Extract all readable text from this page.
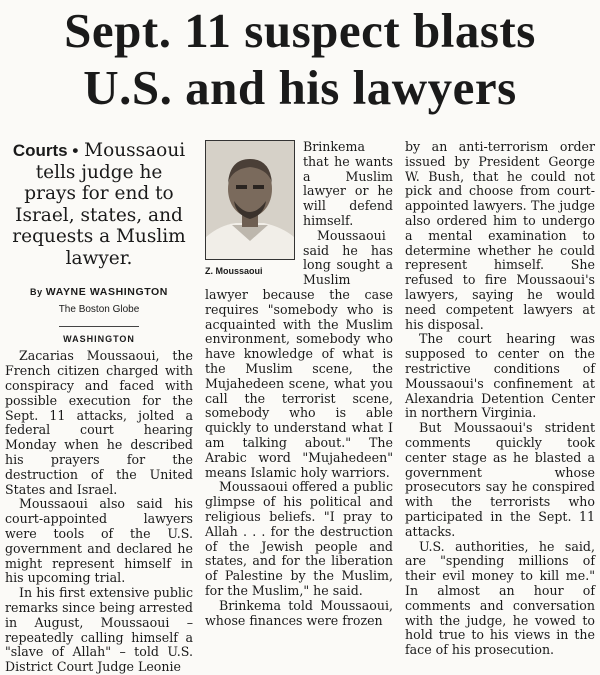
Sept. 11 suspect blasts
U.S. and his lawyers
Courts • Moussaoui tells judge he prays for end to Israel, states, and requests a Muslim lawyer.
By WAYNE WASHINGTON
The Boston Globe
WASHINGTON

Zacarias Moussaoui, the French citizen charged with conspiracy and faced with possible execution for the Sept. 11 attacks, jolted a federal court hearing Monday when he described his prayers for the destruction of the United States and Israel.

Moussaoui also said his court-appointed lawyers were tools of the U.S. government and declared he might represent himself in his upcoming trial.

In his first extensive public remarks since being arrested in August, Moussaoui – repeatedly calling himself a "slave of Allah" – told U.S. District Court Judge Leonie

Z. Moussaoui

Brinkema that he wants a Muslim lawyer or he will defend himself.

Moussaoui said he has long sought a Muslim lawyer because the case requires "somebody who is acquainted with the Muslim environment, somebody who have knowledge of what is the Muslim scene, the Mujahedeen scene, what you call the terrorist scene, somebody who is able quickly to understand what I am talking about." The Arabic word "Mujahedeen" means Islamic holy warriors.

Moussaoui offered a public glimpse of his political and religious beliefs. "I pray to Allah . . . for the destruction of the Jewish people and states, and for the liberation of Palestine by the Muslim, for the Muslim," he said.

Brinkema told Moussaoui, whose finances were frozen

by an anti-terrorism order issued by President George W. Bush, that he could not pick and choose from court-appointed lawyers. The judge also ordered him to undergo a mental examination to determine whether he could represent himself. She refused to fire Moussaoui's lawyers, saying he would need competent lawyers at his disposal.

The court hearing was supposed to center on the restrictive conditions of Moussaoui's confinement at Alexandria Detention Center in northern Virginia.

But Moussaoui's strident comments quickly took center stage as he blasted a government whose prosecutors say he conspired with the terrorists who participated in the Sept. 11 attacks.

U.S. authorities, he said, are "spending millions of their evil money to kill me." In almost an hour of comments and conversation with the judge, he vowed to hold true to his views in the face of his prosecution.
